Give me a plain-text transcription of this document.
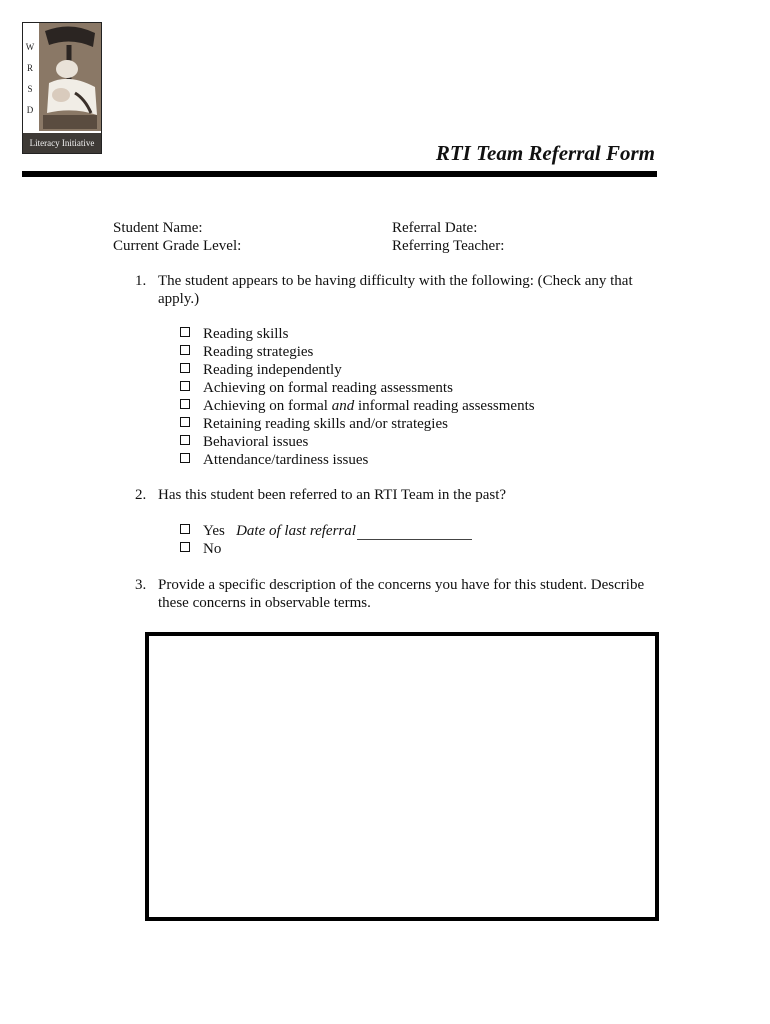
W
R
S
D
Literacy Initiative	RTI Team Referral Form
Student Name:
Current Grade Level:
Referral Date:
Referring Teacher:
1. The student appears to be having difficulty with the following: (Check any that apply.)
Reading skills
Reading strategies
Reading independently
Achieving on formal reading assessments
Achieving on formal and informal reading assessments
Retaining reading skills and/or strategies
Behavioral issues
Attendance/tardiness issues
2. Has this student been referred to an RTI Team in the past?
Yes Date of last referral
No
3. Provide a specific description of the concerns you have for this student. Describe these concerns in observable terms.
